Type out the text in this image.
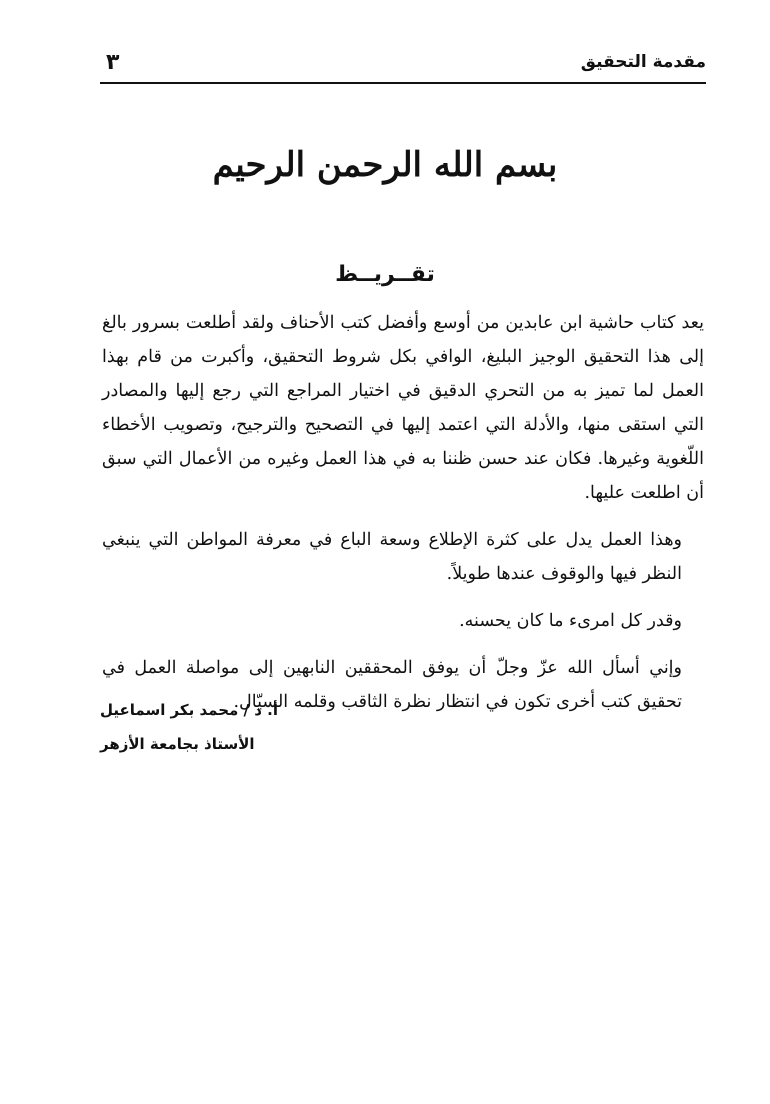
مقدمة التحقيق
٣
بسم الله الرحمن الرحيم
تقــريــظ

يعد كتاب حاشية ابن عابدين من أوسع وأفضل كتب الأحناف ولقد أطلعت بسرور بالغ إلى هذا التحقيق الوجيز البليغ، الوافي بكل شروط التحقيق، وأكبرت من قام بهذا العمل لما تميز به من التحري الدقيق في اختيار المراجع التي رجع إليها والمصادر التي استقى منها، والأدلة التي اعتمد إليها في التصحيح والترجيح، وتصويب الأخطاء اللّغوية وغيرها. فكان عند حسن ظننا به في هذا العمل وغيره من الأعمال التي سبق أن اطلعت عليها.

وهذا العمل يدل على كثرة الإطلاع وسعة الباع في معرفة المواطن التي ينبغي النظر فيها والوقوف عندها طويلاً.

وقدر كل امرىء ما كان يحسنه.

وإني أسأل الله عزّ وجلّ أن يوفق المحققين النابهين إلى مواصلة العمل في تحقيق كتب أخرى تكون في انتظار نظرة الثاقب وقلمه السيّال.

أ. د / محمد بكر اسماعيل
الأستاذ بجامعة الأزهر
